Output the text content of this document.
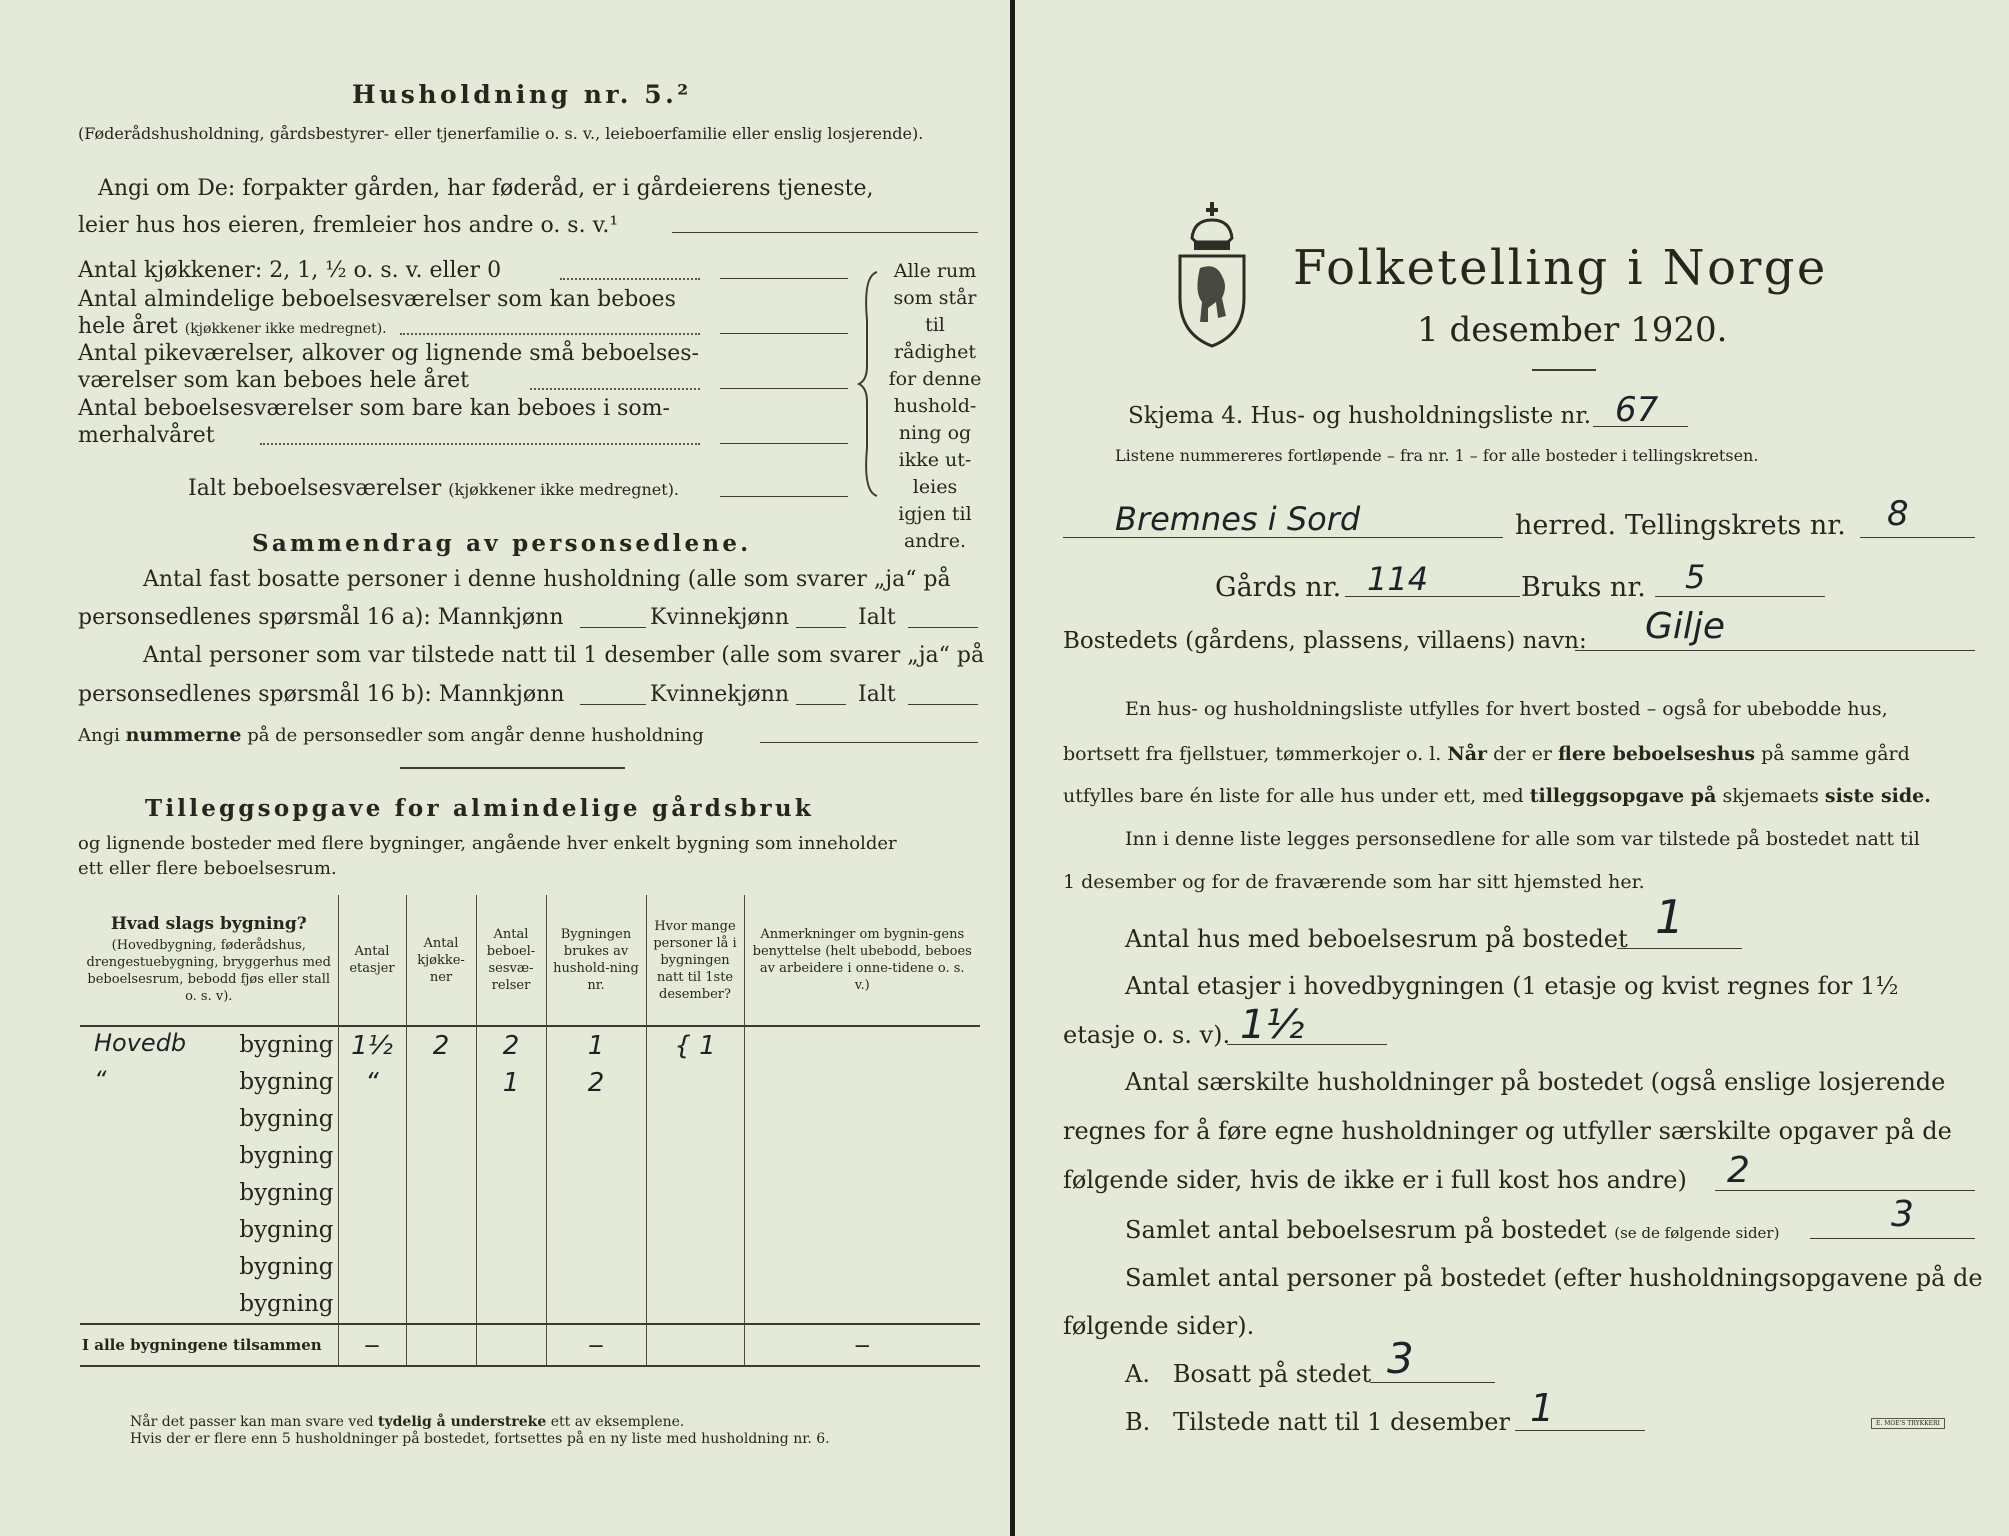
Husholdning nr. 5.²
(Føderådshusholdning, gårdsbestyrer- eller tjenerfamilie o. s. v., leieboerfamilie eller enslig losjerende).
Angi om De: forpakter gården, har føderåd, er i gårdeierens tjeneste,
leier hus hos eieren, fremleier hos andre o. s. v.¹
Antal kjøkkener: 2, 1, ½ o. s. v. eller 0
Antal almindelige beboelsesværelser som kan beboes
hele året (kjøkkener ikke medregnet).
Antal pikeværelser, alkover og lignende små beboelses-
værelser som kan beboes hele året
Antal beboelsesværelser som bare kan beboes i som-
merhalvåret
Ialt beboelsesværelser (kjøkkener ikke medregnet).
Alle rum som står til rådighet for denne hushold-ning og ikke ut-leies igjen til andre.
Sammendrag av personsedlene.
Antal fast bosatte personer i denne husholdning (alle som svarer „ja“ på
personsedlenes spørsmål 16 a): Mannkjønn	Kvinnekjønn	Ialt
Antal personer som var tilstede natt til 1 desember (alle som svarer „ja“ på
personsedlenes spørsmål 16 b): Mannkjønn	Kvinnekjønn	Ialt
Angi nummerne på de personsedler som angår denne husholdning
Tilleggsopgave for almindelige gårdsbruk
og lignende bosteder med flere bygninger, angående hver enkelt bygning som inneholder
ett eller flere beboelsesrum.
Hvad slags bygning?
(Hovedbygning, føderådshus, drengestuebygning, bryggerhus med beboelsesrum, bebodd fjøs eller stall o. s. v).	Antal etasjer	Antal kjøkke-ner	Antal beboel-sesvæ-relser	Bygningen brukes av hushold-ning nr.	Hvor mange personer lå i bygningen natt til 1ste desember?	Anmerkninger om bygnin-gens benyttelse (helt ubebodd, beboes av arbeidere i onne-tidene o. s. v.)

Hovedb bygning	1½	2	2	1	{ 1	

“ bygning	“		1	2		

bygning						

bygning						

bygning						

bygning						

bygning						

bygning						

I alle bygningene tilsammen	—			—		—
Når det passer kan man svare ved tydelig å understreke ett av eksemplene.
Hvis der er flere enn 5 husholdninger på bostedet, fortsettes på en ny liste med husholdning nr. 6.
Folketelling i Norge
1 desember 1920.
Skjema 4. Hus- og husholdningsliste nr. 67
Listene nummereres fortløpende – fra nr. 1 – for alle bosteder i tellingskretsen.
Bremnes i Sord	herred. Tellingskrets nr. 8
Gårds nr. 114	Bruks nr. 5
Bostedets (gårdens, plassens, villaens) navn: Gilje
En hus- og husholdningsliste utfylles for hvert bosted – også for ubebodde hus,
bortsett fra fjellstuer, tømmerkojer o. l. Når der er flere beboelseshus på samme gård
utfylles bare én liste for alle hus under ett, med tilleggsopgave på skjemaets siste side.
Inn i denne liste legges personsedlene for alle som var tilstede på bostedet natt til
1 desember og for de fraværende som har sitt hjemsted her.
Antal hus med beboelsesrum på bostedet 1
Antal etasjer i hovedbygningen (1 etasje og kvist regnes for 1½
etasje o. s. v). 1½
Antal særskilte husholdninger på bostedet (også enslige losjerende
regnes for å føre egne husholdninger og utfyller særskilte opgaver på de
følgende sider, hvis de ikke er i full kost hos andre) 2
Samlet antal beboelsesrum på bostedet (se de følgende sider)	3
Samlet antal personer på bostedet (efter husholdningsopgavene på de
følgende sider).
A. Bosatt på stedet 3
B. Tilstede natt til 1 desember 1	E. MOE'S TRYKKERI
